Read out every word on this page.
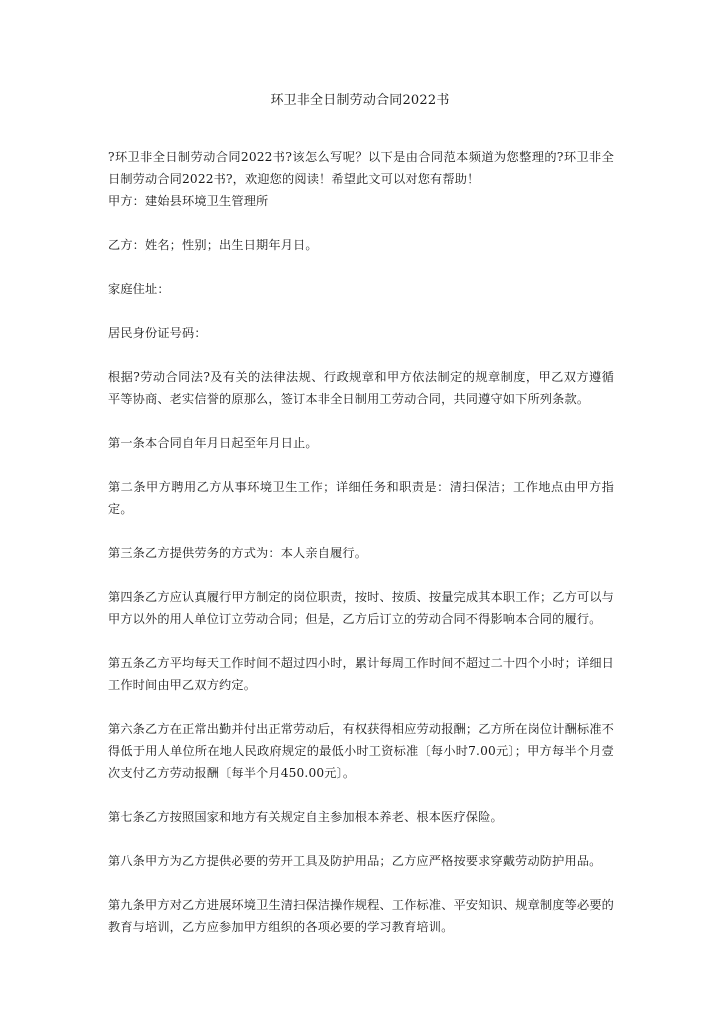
环卫非全日制劳动合同2022书

?环卫非全日制劳动合同2022书?该怎么写呢？以下是由合同范本频道为您整理的?环卫非全日制劳动合同2022书?，欢迎您的阅读！希望此文可以对您有帮助！

甲方：建始县环境卫生管理所

乙方：姓名；性别；出生日期年月日。

家庭住址：

居民身份证号码：

根据?劳动合同法?及有关的法律法规、行政规章和甲方依法制定的规章制度，甲乙双方遵循平等协商、老实信誉的原那么，签订本非全日制用工劳动合同，共同遵守如下所列条款。

第一条本合同自年月日起至年月日止。

第二条甲方聘用乙方从事环境卫生工作；详细任务和职责是：清扫保洁；工作地点由甲方指定。

第三条乙方提供劳务的方式为：本人亲自履行。

第四条乙方应认真履行甲方制定的岗位职责，按时、按质、按量完成其本职工作；乙方可以与甲方以外的用人单位订立劳动合同；但是，乙方后订立的劳动合同不得影响本合同的履行。

第五条乙方平均每天工作时间不超过四小时，累计每周工作时间不超过二十四个小时；详细日工作时间由甲乙双方约定。

第六条乙方在正常出勤并付出正常劳动后，有权获得相应劳动报酬；乙方所在岗位计酬标准不得低于用人单位所在地人民政府规定的最低小时工资标准〔每小时7.00元〕；甲方每半个月壹次支付乙方劳动报酬〔每半个月450.00元〕。

第七条乙方按照国家和地方有关规定自主参加根本养老、根本医疗保险。

第八条甲方为乙方提供必要的劳开工具及防护用品；乙方应严格按要求穿戴劳动防护用品。

第九条甲方对乙方进展环境卫生清扫保洁操作规程、工作标准、平安知识、规章制度等必要的教育与培训，乙方应参加甲方组织的各项必要的学习教育培训。
